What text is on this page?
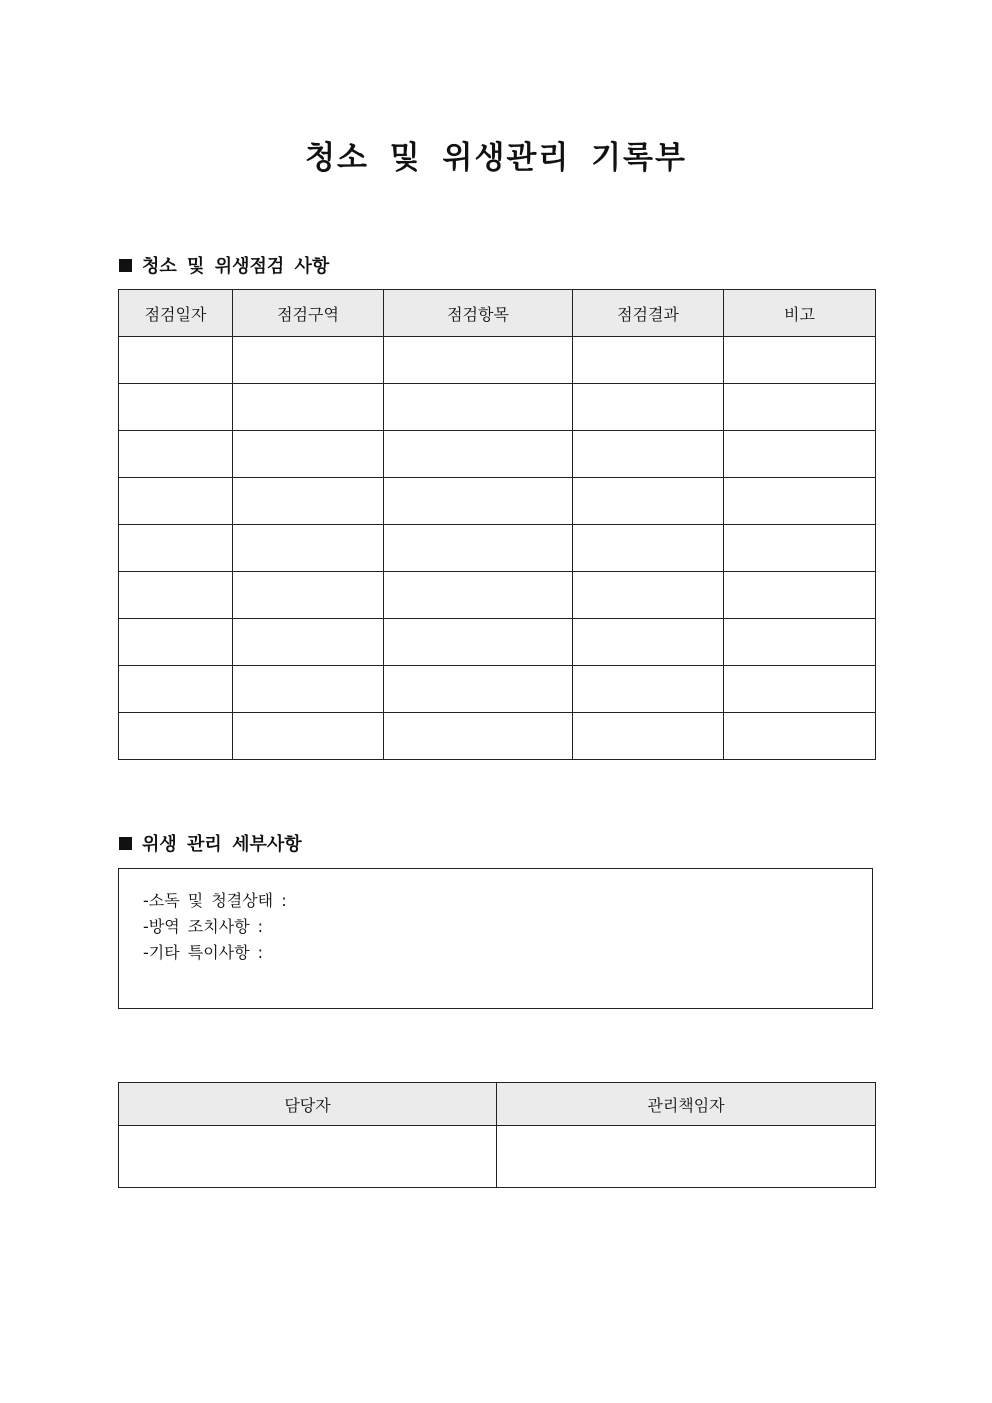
청소 및 위생관리 기록부
청소 및 위생점검 사항
점검일자	점검구역	점검항목	점검결과	비고

위생 관리 세부사항
-소독 및 청결상태 :
-방역 조치사항 :
-기타 특이사항 :
담당자	관리책임자
